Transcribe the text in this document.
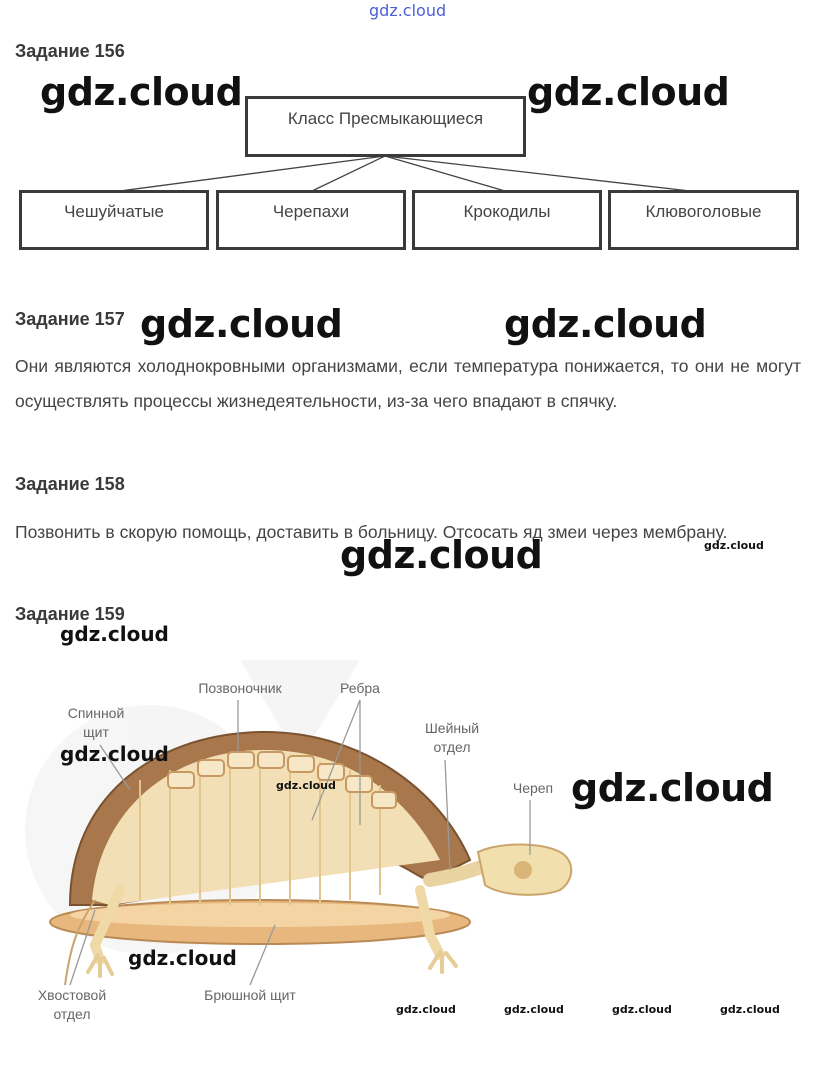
gdz.cloud
Задание 156
Класс Пресмыкающиеся
Чешуйчатые	Черепахи	Крокодилы	Клювоголовые
gdz.cloud	gdz.cloud
Задание 157 gdz.cloud	gdz.cloud
Они являются холоднокровными организмами, если температура понижается, то они не могут осуществлять процессы жизнедеятельности, из-за чего впадают в спячку.
Задание 158
Позвонить в скорую помощь, доставить в больницу. Отсосать яд змеи через мембрану.
gdz.cloud	gdz.cloud
Задание 159
gdz.cloud
Позвоночник	Ребра
Спинной щит	Шейный отдел
Череп
Хвостовой отдел
Брюшной щит
gdz.cloud
gdz.cloud	gdz.cloud
gdz.cloud
gdz.cloud	gdz.cloud	gdz.cloud	gdz.cloud
